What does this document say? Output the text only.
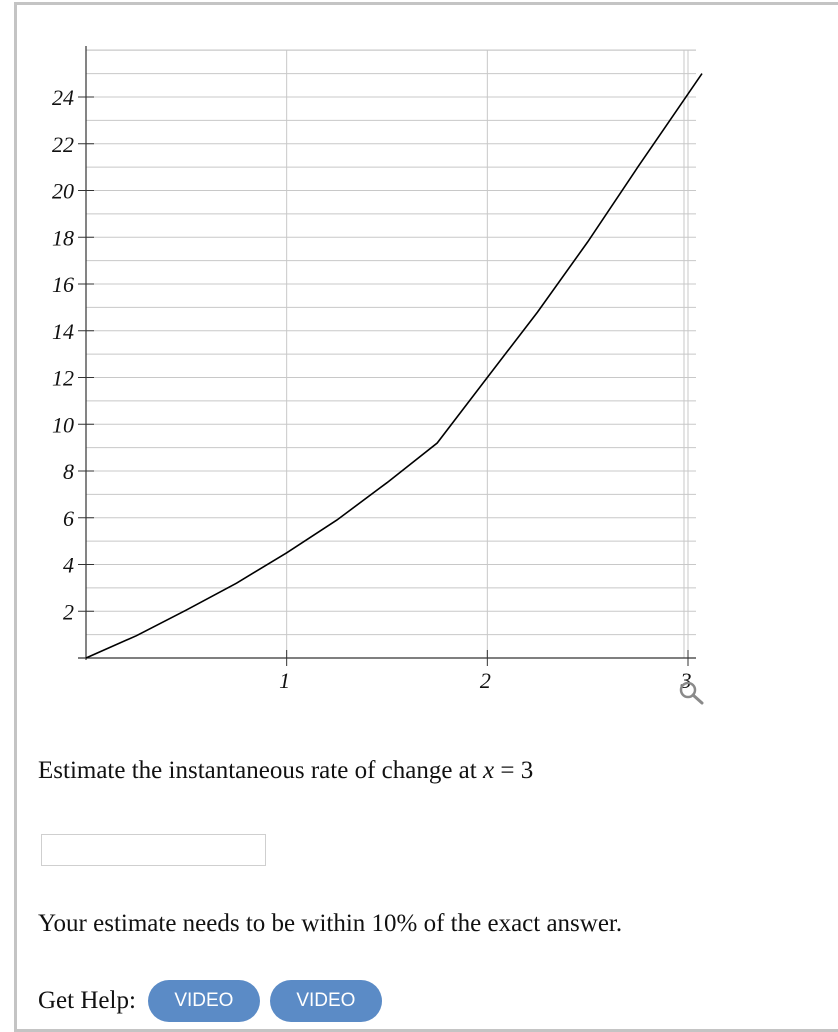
2
4
6
8
10
12
14
16
18
20
22
24
1	2	3
Estimate the instantaneous rate of change at x = 3
Your estimate needs to be within 10% of the exact answer.
Get Help:	VIDEO	VIDEO
